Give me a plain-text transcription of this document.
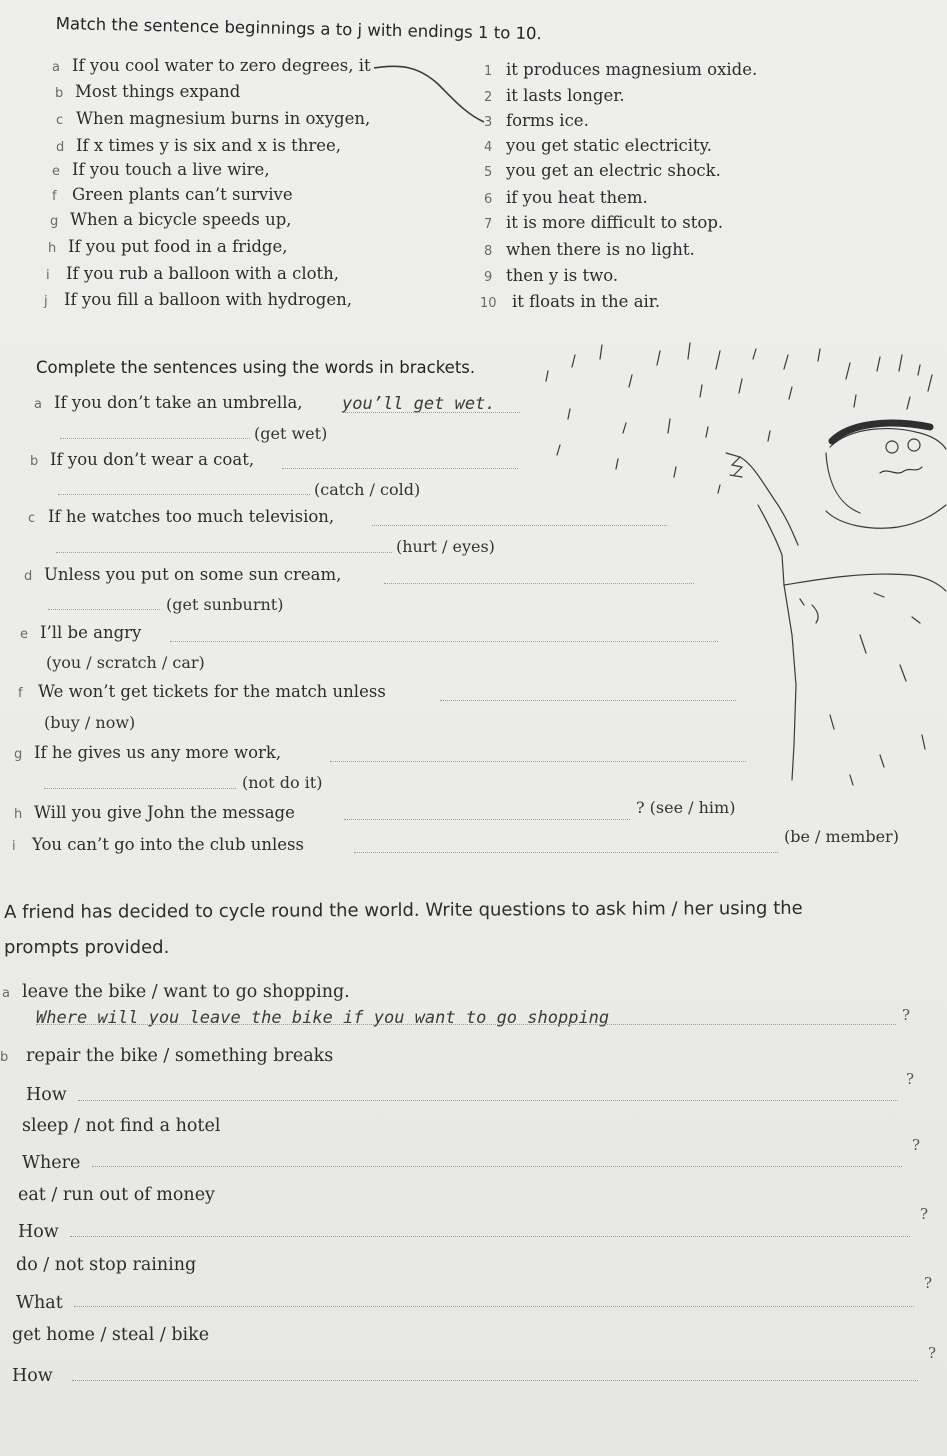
Match the sentence beginnings a to j with endings 1 to 10.
a If you cool water to zero degrees, it
b Most things expand
c When magnesium burns in oxygen,
d If x times y is six and x is three,
e If you touch a live wire,
f Green plants can’t survive
g When a bicycle speeds up,
h If you put food in a fridge,
i If you rub a balloon with a cloth,
j If you fill a balloon with hydrogen,
1 it produces magnesium oxide.
2 it lasts longer.
3 forms ice.
4 you get static electricity.
5 you get an electric shock.
6 if you heat them.
7 it is more difficult to stop.
8 when there is no light.
9 then y is two.
10 it floats in the air.
Complete the sentences using the words in brackets.
a If you don’t take an umbrella, you’ll get wet.
(get wet)
b If you don’t wear a coat,
(catch / cold)
c If he watches too much television,
(hurt / eyes)
d Unless you put on some sun cream,
(get sunburnt)
e I’ll be angry
(you / scratch / car)
f We won’t get tickets for the match unless
(buy / now)
g If he gives us any more work,
(not do it)
h Will you give John the message	? (see / him)
i You can’t go into the club unless	(be / member)
A friend has decided to cycle round the world. Write questions to ask him / her using the
prompts provided.
a leave the bike / want to go shopping.
Where will you leave the bike if you want to go shopping	?
b repair the bike / something breaks
How
?
sleep / not find a hotel
Where
?
eat / run out of money
How
?
do / not stop raining
What
?
get home / steal / bike
How
?
